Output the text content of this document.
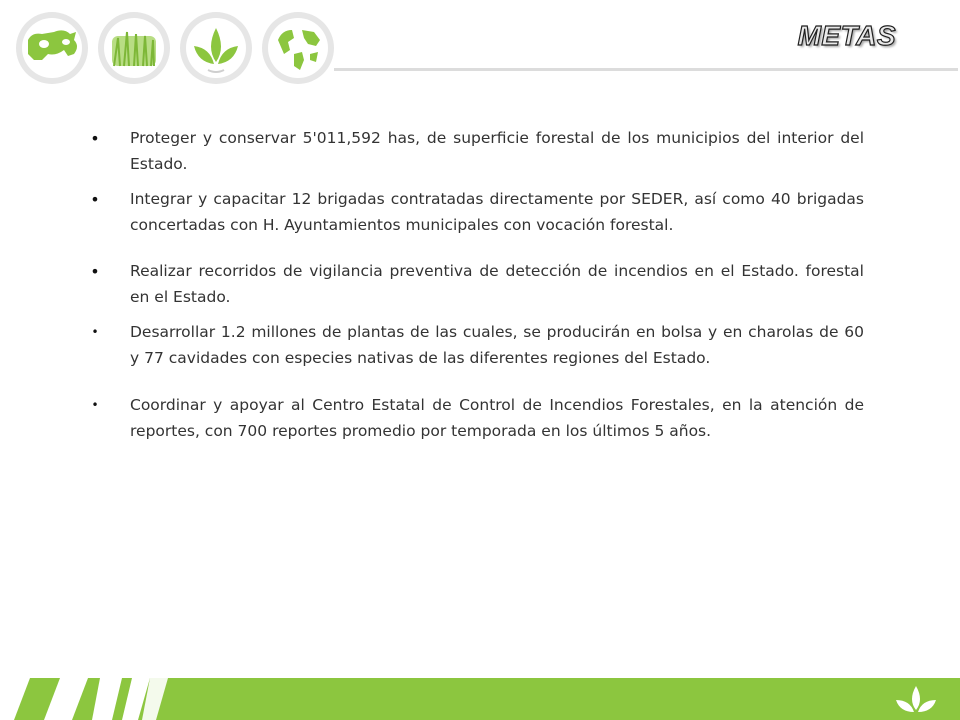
METAS
• Proteger y conservar 5'011,592 has, de superficie forestal de los municipios del interior del Estado.
• Integrar y capacitar 12 brigadas contratadas directamente por SEDER, así como 40 brigadas concertadas con H. Ayuntamientos municipales con vocación forestal.
• Realizar recorridos de vigilancia preventiva de detección de incendios en el Estado. forestal en el Estado.
• Desarrollar 1.2 millones de plantas de las cuales, se producirán en bolsa y en charolas de 60 y 77 cavidades con especies nativas de las diferentes regiones del Estado.
• Coordinar y apoyar al Centro Estatal de Control de Incendios Forestales, en la atención de reportes, con 700 reportes promedio por temporada en los últimos 5 años.
